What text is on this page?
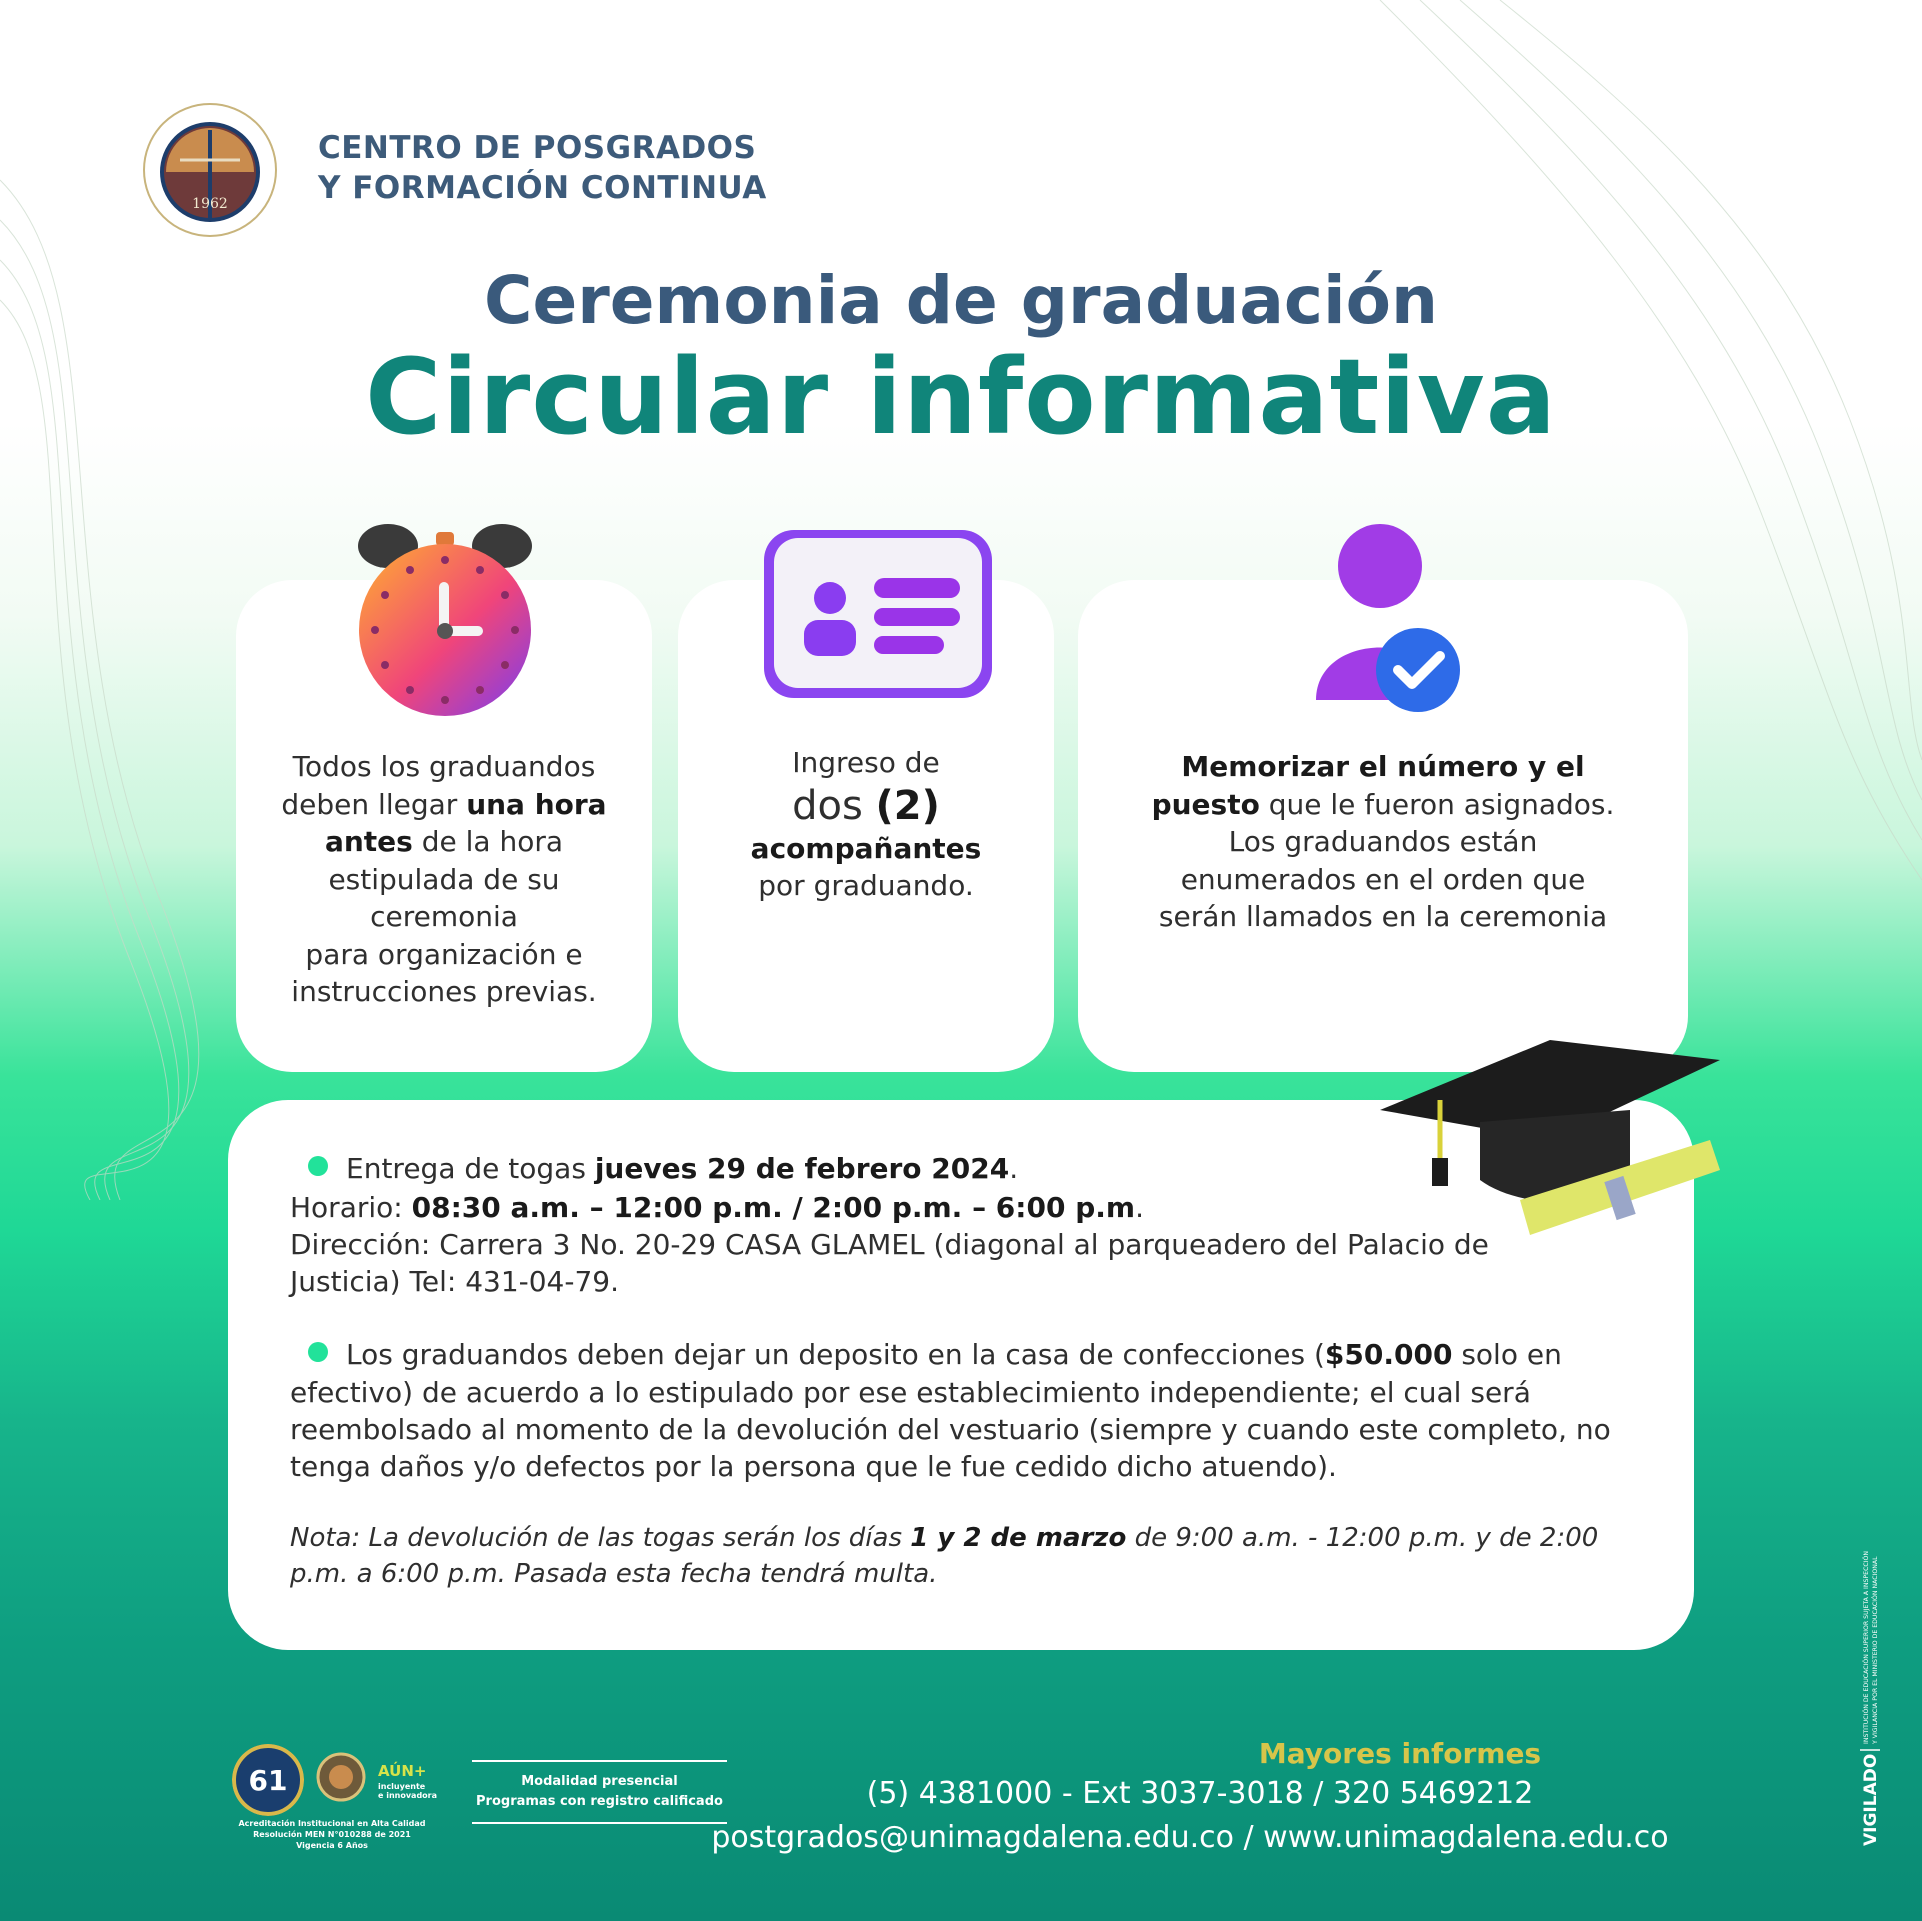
1962
CENTRO DE POSGRADOS
Y FORMACIÓN CONTINUA
Ceremonia de graduación
Circular informativa
Todos los graduandos
deben llegar una hora
antes de la hora
estipulada de su
ceremonia
para organización e
instrucciones previas.
Ingreso de
dos (2)
acompañantes
por graduando.
Memorizar el número y el
puesto que le fueron asignados.
Los graduandos están
enumerados en el orden que
serán llamados en la ceremonia
Entrega de togas jueves 29 de febrero 2024.
Horario: 08:30 a.m. – 12:00 p.m. / 2:00 p.m. – 6:00 p.m.
Dirección: Carrera 3 No. 20-29 CASA GLAMEL (diagonal al parqueadero del Palacio de
Justicia) Tel: 431-04-79.
Los graduandos deben dejar un deposito en la casa de confecciones ($50.000 solo en
efectivo) de acuerdo a lo estipulado por ese establecimiento independiente; el cual será
reembolsado al momento de la devolución del vestuario (siempre y cuando este completo, no
tenga daños y/o defectos por la persona que le fue cedido dicho atuendo).
Nota: La devolución de las togas serán los días 1 y 2 de marzo de 9:00 a.m. - 12:00 p.m. y de 2:00
p.m. a 6:00 p.m. Pasada esta fecha tendrá multa.
61	AÚN+
incluyente
e innovadora
Acreditación Institucional en Alta Calidad
Resolución MEN N°010288 de 2021
Vigencia 6 Años
Modalidad presencial
Programas con registro calificado
Mayores informes
(5) 4381000 - Ext 3037-3018 / 320 5469212
postgrados@unimagdalena.edu.co / www.unimagdalena.edu.co	VIGILADO
INSTITUCIÓN DE EDUCACIÓN SUPERIOR SUJETA A INSPECCIÓN Y VIGILANCIA POR EL MINISTERIO DE EDUCACIÓN NACIONAL
